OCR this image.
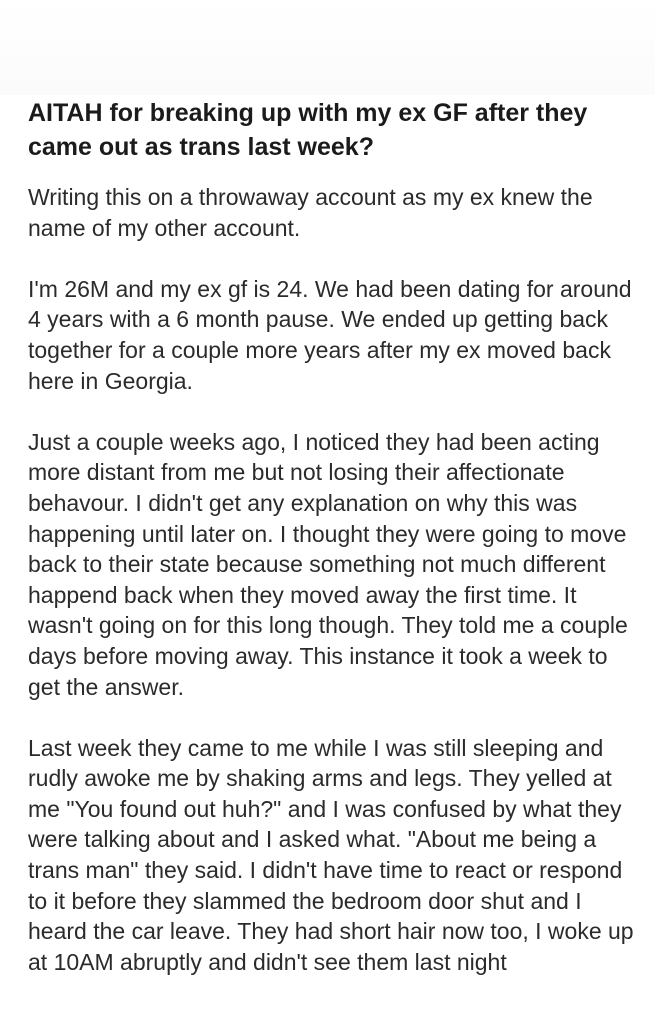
AITAH for breaking up with my ex GF after they came out as trans last week?

Writing this on a throwaway account as my ex knew the name of my other account.

I'm 26M and my ex gf is 24. We had been dating for around 4 years with a 6 month pause. We ended up getting back together for a couple more years after my ex moved back here in Georgia.

Just a couple weeks ago, I noticed they had been acting more distant from me but not losing their affectionate behavour. I didn't get any explanation on why this was happening until later on. I thought they were going to move back to their state because something not much different happend back when they moved away the first time. It wasn't going on for this long though. They told me a couple days before moving away. This instance it took a week to get the answer.

Last week they came to me while I was still sleeping and rudly awoke me by shaking arms and legs. They yelled at me "You found out huh?" and I was confused by what they were talking about and I asked what. "About me being a trans man" they said. I didn't have time to react or respond to it before they slammed the bedroom door shut and I heard the car leave. They had short hair now too, I woke up at 10AM abruptly and didn't see them last night
